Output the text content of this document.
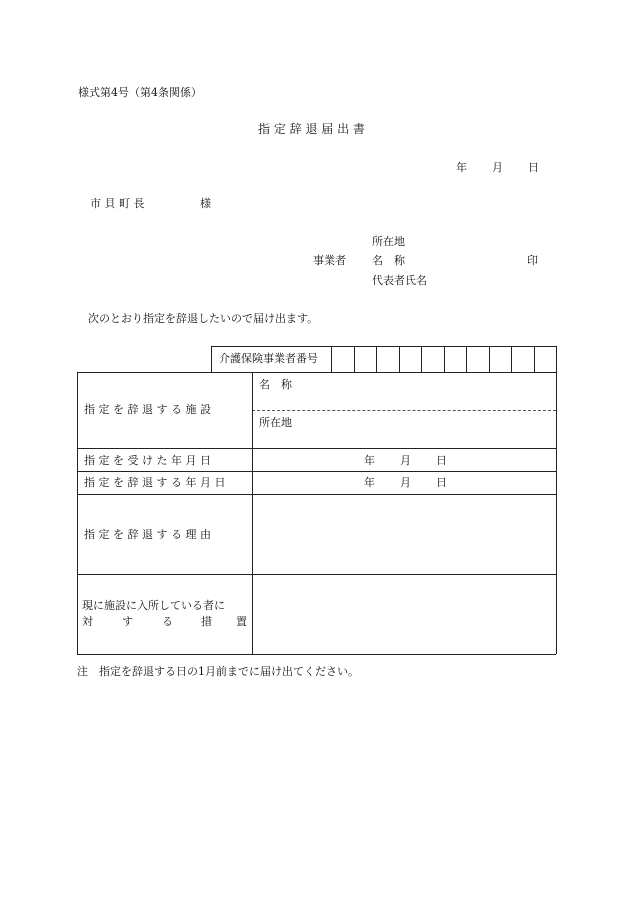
様式第4号（第4条関係）
指 定 辞 退 届 出 書
年 月 日
市 貝 町 長	様
所在地
事業者 名　称	印
代表者氏名
次のとおり指定を辞退したいので届け出ます。
介護保険事業者番号
指 定 を 辞 退 す る 施 設
名　称
所在地
指 定 を 受 け た 年 月 日	年 月 日
指 定 を 辞 退 す る 年 月 日	年 月 日
指 定 を 辞 退 す る 理 由
現に施設に入所している者に
対	す	る	措 置
注　指定を辞退する日の1月前までに届け出てください。
